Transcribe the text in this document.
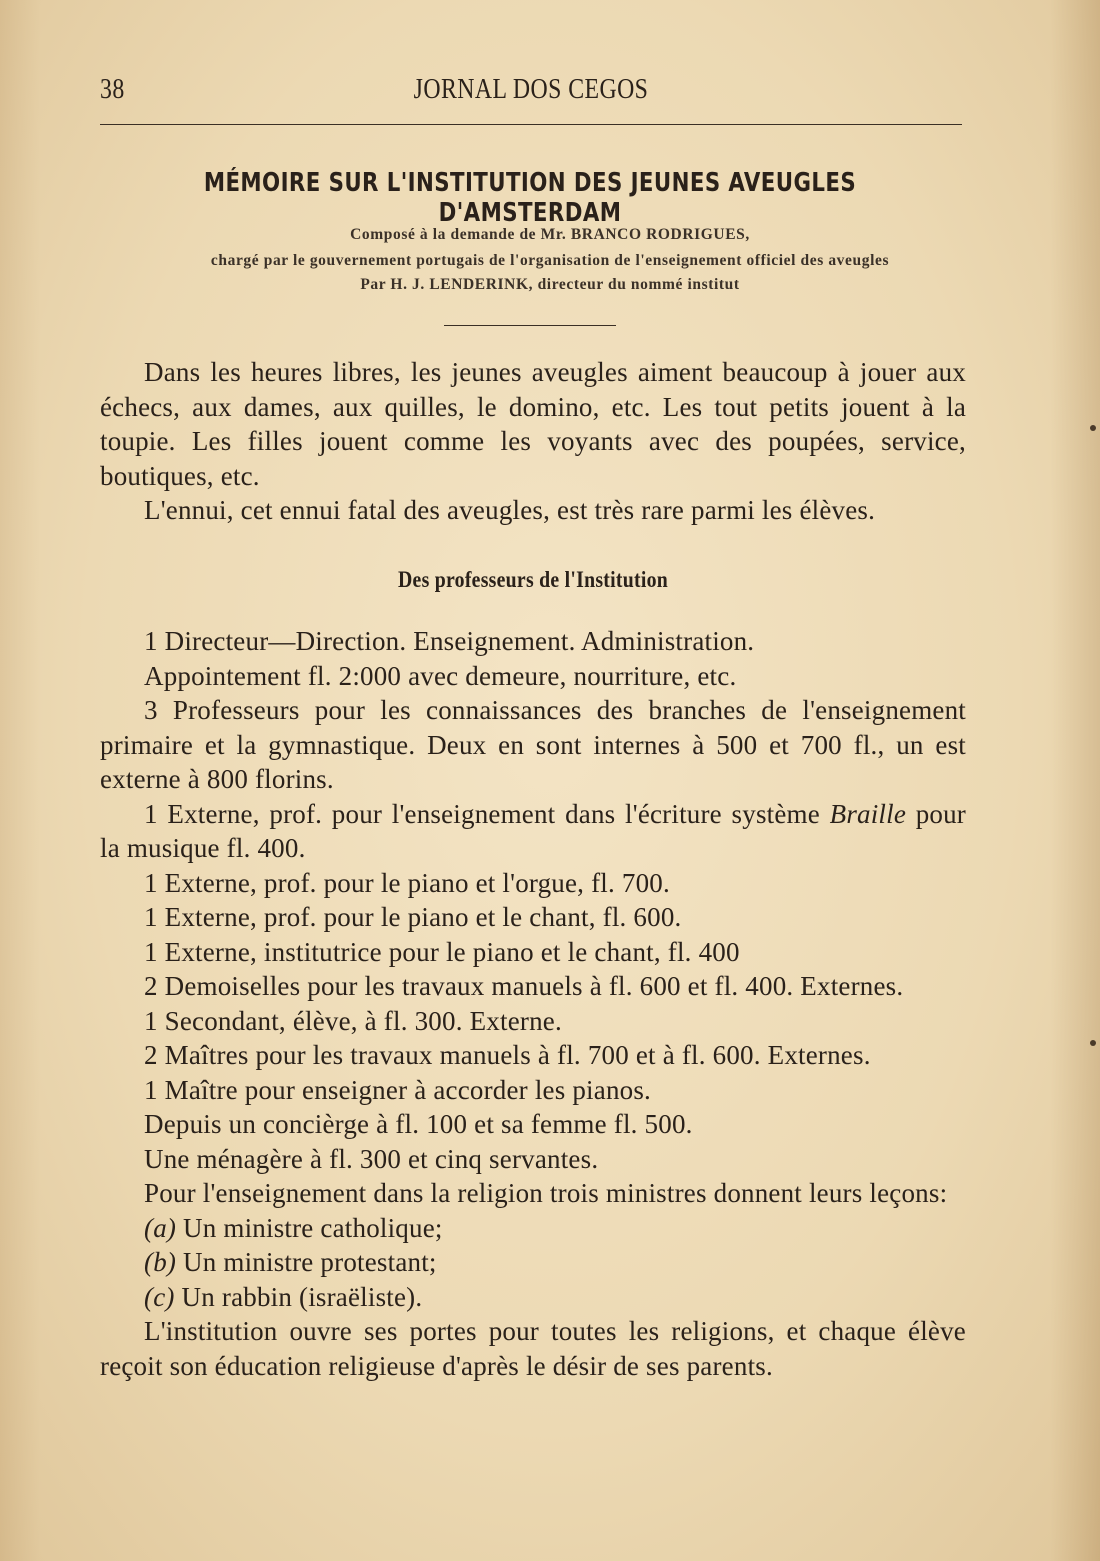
38	JORNAL DOS CEGOS
MÉMOIRE SUR L'INSTITUTION DES JEUNES AVEUGLES D'AMSTERDAM
Composé à la demande de Mr. BRANCO RODRIGUES,
chargé par le gouvernement portugais de l'organisation de l'enseignement officiel des aveugles
Par H. J. LENDERINK, directeur du nommé institut

Dans les heures libres, les jeunes aveugles aiment beaucoup à jouer aux échecs, aux dames, aux quilles, le domino, etc. Les tout petits jouent à la toupie. Les filles jouent comme les voyants avec des poupées, service, boutiques, etc.

L'ennui, cet ennui fatal des aveugles, est très rare parmi les élèves.

Des professeurs de l'Institution

1 Directeur—Direction. Enseignement. Administration.

Appointement fl. 2:000 avec demeure, nourriture, etc.

3 Professeurs pour les connaissances des branches de l'enseignement primaire et la gymnastique. Deux en sont internes à 500 et 700 fl., un est externe à 800 florins.

1 Externe, prof. pour l'enseignement dans l'écriture système Braille pour la musique fl. 400.

1 Externe, prof. pour le piano et l'orgue, fl. 700.

1 Externe, prof. pour le piano et le chant, fl. 600.

1 Externe, institutrice pour le piano et le chant, fl. 400

2 Demoiselles pour les travaux manuels à fl. 600 et fl. 400. Externes.

1 Secondant, élève, à fl. 300. Externe.

2 Maîtres pour les travaux manuels à fl. 700 et à fl. 600. Externes.

1 Maître pour enseigner à accorder les pianos.

Depuis un concièrge à fl. 100 et sa femme fl. 500.

Une ménagère à fl. 300 et cinq servantes.

Pour l'enseignement dans la religion trois ministres donnent leurs leçons:

(a) Un ministre catholique;

(b) Un ministre protestant;

(c) Un rabbin (israëliste).

L'institution ouvre ses portes pour toutes les religions, et chaque élève reçoit son éducation religieuse d'après le désir de ses parents.
